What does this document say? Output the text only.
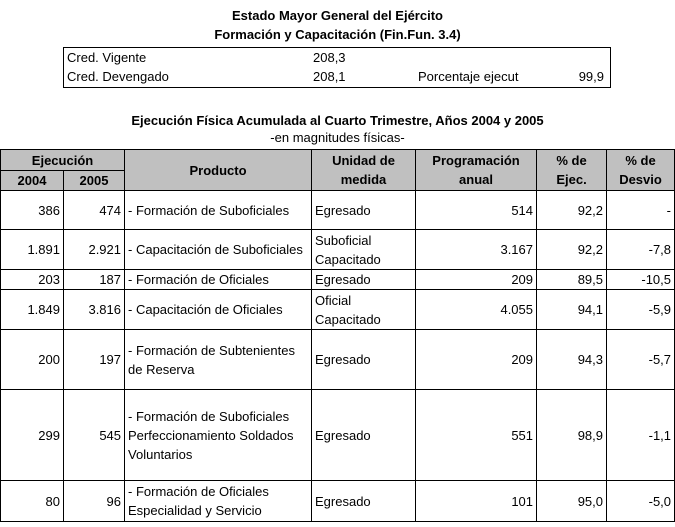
Estado Mayor General del Ejército
Formación y Capacitación (Fin.Fun. 3.4)
Cred. Vigente	208,3
Cred. Devengado	208,1	Porcentaje ejecut	99,9
Ejecución Física Acumulada al Cuarto Trimestre, Años 2004 y 2005
-en magnitudes físicas-
Ejecución		Producto	Unidad de medida	Programación anual	% de Ejec.	% de Desvio
2004	2005					
386	474	- Formación de Suboficiales	Egresado	514	92,2	-
1.891	2.921	- Capacitación de Suboficiales	Suboficial Capacitado	3.167	92,2	-7,8
203	187	- Formación de Oficiales	Egresado	209	89,5	-10,5
1.849	3.816	- Capacitación de Oficiales	Oficial Capacitado	4.055	94,1	-5,9
200	197	- Formación de Subtenientes de Reserva	Egresado	209	94,3	-5,7
299	545	- Formación de Suboficiales Perfeccionamiento Soldados Voluntarios	Egresado	551	98,9	-1,1
80	96	- Formación de Oficiales Especialidad y Servicio	Egresado	101	95,0	-5,0
